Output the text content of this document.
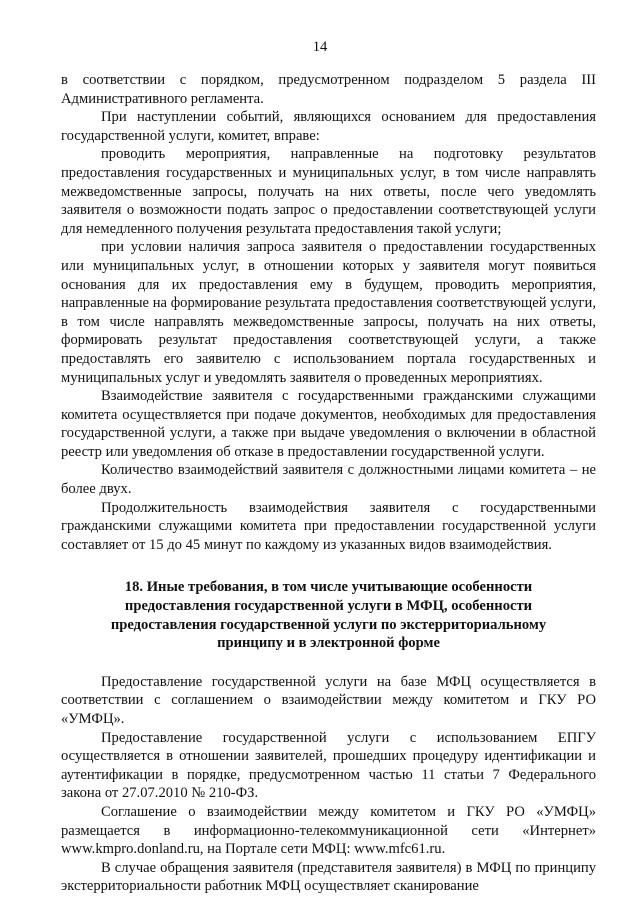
14

в соответствии с порядком, предусмотренном подразделом 5 раздела III Административного регламента.

При наступлении событий, являющихся основанием для предоставления государственной услуги, комитет, вправе:

проводить мероприятия, направленные на подготовку результатов предоставления государственных и муниципальных услуг, в том числе направлять межведомственные запросы, получать на них ответы, после чего уведомлять заявителя о возможности подать запрос о предоставлении соответствующей услуги для немедленного получения результата предоставления такой услуги;

при условии наличия запроса заявителя о предоставлении государственных или муниципальных услуг, в отношении которых у заявителя могут появиться основания для их предоставления ему в будущем, проводить мероприятия, направленные на формирование результата предоставления соответствующей услуги, в том числе направлять межведомственные запросы, получать на них ответы, формировать результат предоставления соответствующей услуги, а также предоставлять его заявителю с использованием портала государственных и муниципальных услуг и уведомлять заявителя о проведенных мероприятиях.

Взаимодействие заявителя с государственными гражданскими служащими комитета осуществляется при подаче документов, необходимых для предоставления государственной услуги, а также при выдаче уведомления о включении в областной реестр или уведомления об отказе в предоставлении государственной услуги.

Количество взаимодействий заявителя с должностными лицами комитета – не более двух.

Продолжительность взаимодействия заявителя с государственными гражданскими служащими комитета при предоставлении государственной услуги составляет от 15 до 45 минут по каждому из указанных видов взаимодействия.

18. Иные требования, в том числе учитывающие особенности
предоставления государственной услуги в МФЦ, особенности
предоставления государственной услуги по экстерриториальному
принципу и в электронной форме

Предоставление государственной услуги на базе МФЦ осуществляется в соответствии с соглашением о взаимодействии между комитетом и ГКУ РО «УМФЦ».

Предоставление государственной услуги с использованием ЕПГУ осуществляется в отношении заявителей, прошедших процедуру идентификации и аутентификации в порядке, предусмотренном частью 11 статьи 7 Федерального закона от 27.07.2010 № 210-ФЗ.

Соглашение о взаимодействии между комитетом и ГКУ РО «УМФЦ» размещается в информационно-телекоммуникационной сети «Интернет» www.kmpro.donland.ru, на Портале сети МФЦ: www.mfc61.ru.

В случае обращения заявителя (представителя заявителя) в МФЦ по принципу экстерриториальности работник МФЦ осуществляет сканирование
